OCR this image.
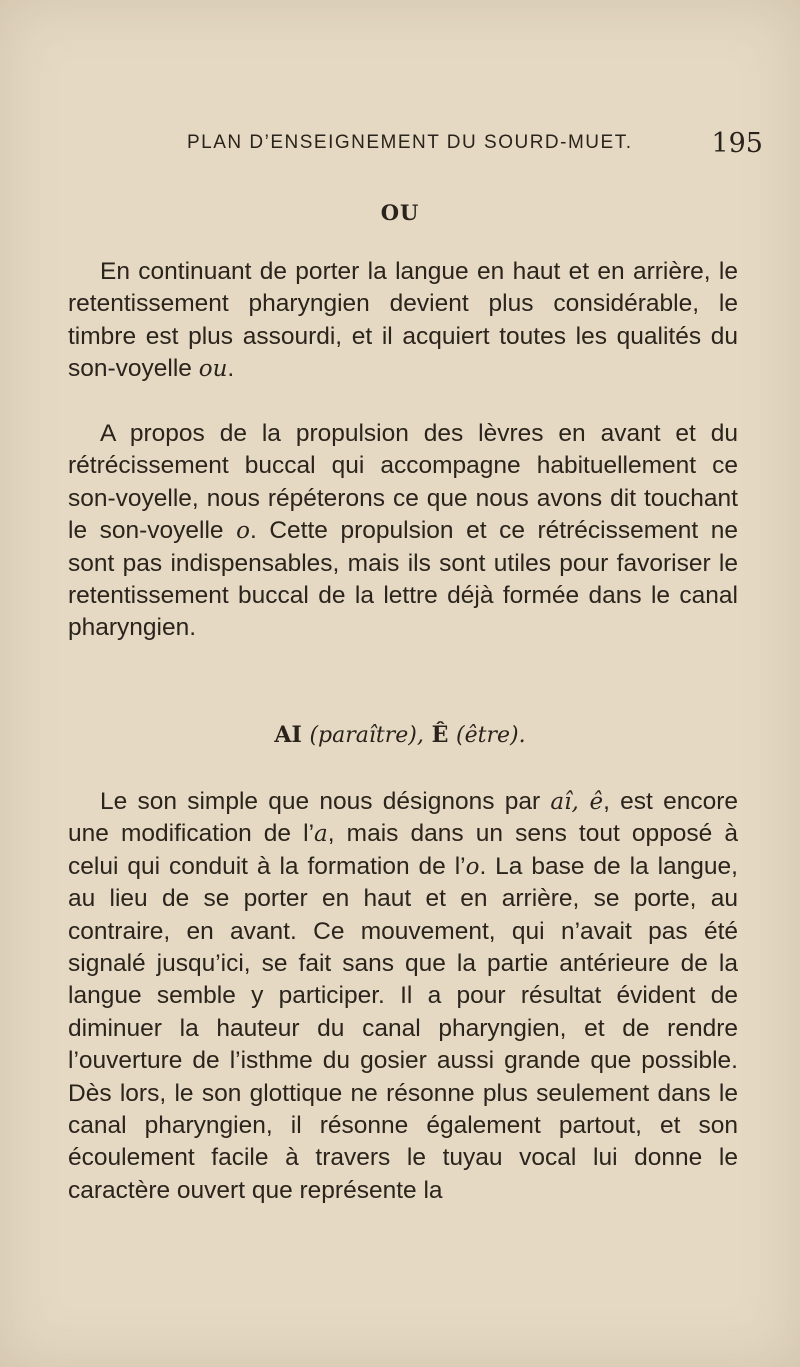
PLAN D’ENSEIGNEMENT DU SOURD-MUET.	195
OU
En continuant de porter la langue en haut et en arrière, le retentissement pharyngien devient plus considérable, le timbre est plus assourdi, et il acquiert toutes les qualités du son-voyelle ou.
A propos de la propulsion des lèvres en avant et du rétrécissement buccal qui accompagne habituellement ce son-voyelle, nous répéterons ce que nous avons dit touchant le son-voyelle o. Cette propulsion et ce rétrécissement ne sont pas indispensables, mais ils sont utiles pour favoriser le retentissement buccal de la lettre déjà formée dans le canal pharyngien.
AI (paraître), Ê (être).
Le son simple que nous désignons par aî, ê, est encore une modification de l’a, mais dans un sens tout opposé à celui qui conduit à la formation de l’o. La base de la langue, au lieu de se porter en haut et en arrière, se porte, au contraire, en avant. Ce mouvement, qui n’avait pas été signalé jusqu’ici, se fait sans que la partie antérieure de la langue semble y participer. Il a pour résultat évident de diminuer la hauteur du canal pharyngien, et de rendre l’ouverture de l’isthme du gosier aussi grande que possible. Dès lors, le son glottique ne résonne plus seulement dans le canal pharyngien, il résonne également partout, et son écoulement facile à travers le tuyau vocal lui donne le caractère ouvert que représente la
